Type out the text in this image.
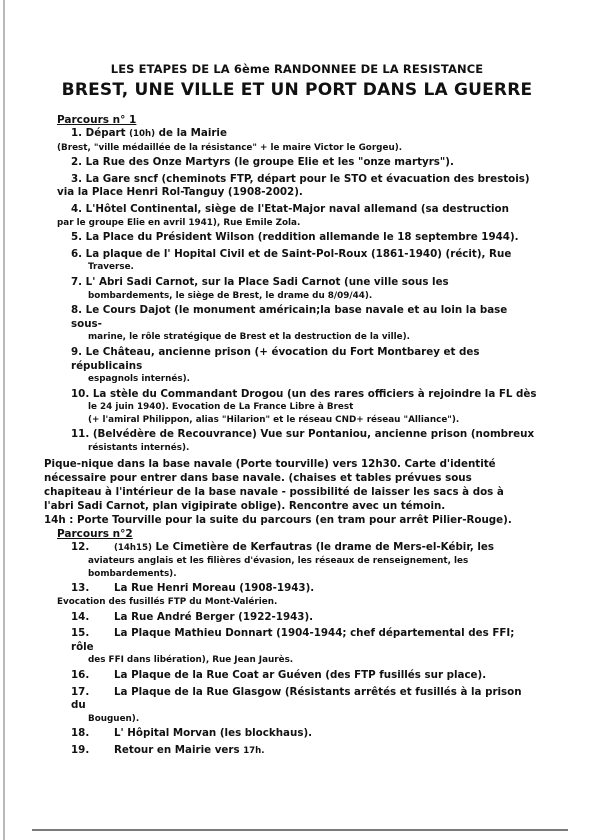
LES ETAPES DE LA 6ème RANDONNEE DE LA RESISTANCE
BREST, UNE VILLE ET UN PORT DANS LA GUERRE
Parcours n° 1
1. Départ (10h) de la Mairie
(Brest, "ville médaillée de la résistance" + le maire Victor le Gorgeu).
2. La Rue des Onze Martyrs (le groupe Elie et les "onze martyrs").
3. La Gare sncf (cheminots FTP, départ pour le STO et évacuation des brestois)
via la Place Henri Rol-Tanguy (1908-2002).
4. L'Hôtel Continental, siège de l'Etat-Major naval allemand (sa destruction
par le groupe Elie en avril 1941), Rue Emile Zola.
5. La Place du Président Wilson (reddition allemande le 18 septembre 1944).
6. La plaque de l' Hopital Civil et de Saint-Pol-Roux (1861-1940) (récit), Rue
Traverse.
7. L' Abri Sadi Carnot, sur la Place Sadi Carnot (une ville sous les
bombardements, le siège de Brest, le drame du 8/09/44).
8. Le Cours Dajot (le monument américain;la base navale et au loin la base sous-
marine, le rôle stratégique de Brest et la destruction de la ville).
9. Le Château, ancienne prison (+ évocation du Fort Montbarey et des républicains
espagnols internés).
10. La stèle du Commandant Drogou (un des rares officiers à rejoindre la FL dès
le 24 juin 1940). Evocation de La France Libre à Brest
(+ l'amiral Philippon, alias "Hilarion" et le réseau CND+ réseau "Alliance").
11. (Belvédère de Recouvrance) Vue sur Pontaniou, ancienne prison (nombreux
résistants internés).
Pique-nique dans la base navale (Porte tourville) vers 12h30. Carte d'identité
nécessaire pour entrer dans base navale. (chaises et tables prévues sous
chapiteau à l'intérieur de la base navale - possibilité de laisser les sacs à dos à
l'abri Sadi Carnot, plan vigipirate oblige). Rencontre avec un témoin.
14h : Porte Tourville pour la suite du parcours (en tram pour arrêt Pilier-Rouge).
Parcours n°2
12.	(14h15) Le Cimetière de Kerfautras (le drame de Mers-el-Kébir, les
aviateurs anglais et les filières d'évasion, les réseaux de renseignement, les
bombardements).
13. La Rue Henri Moreau (1908-1943).
Evocation des fusillés FTP du Mont-Valérien.
14. La Rue André Berger (1922-1943).
15. La Plaque Mathieu Donnart (1904-1944; chef départemental des FFI; rôle
des FFI dans libération), Rue Jean Jaurès.
16. La Plaque de la Rue Coat ar Guéven (des FTP fusillés sur place).
17. La Plaque de la Rue Glasgow (Résistants arrêtés et fusillés à la prison du
Bouguen).
18. L' Hôpital Morvan (les blockhaus).
19. Retour en Mairie vers 17h.
